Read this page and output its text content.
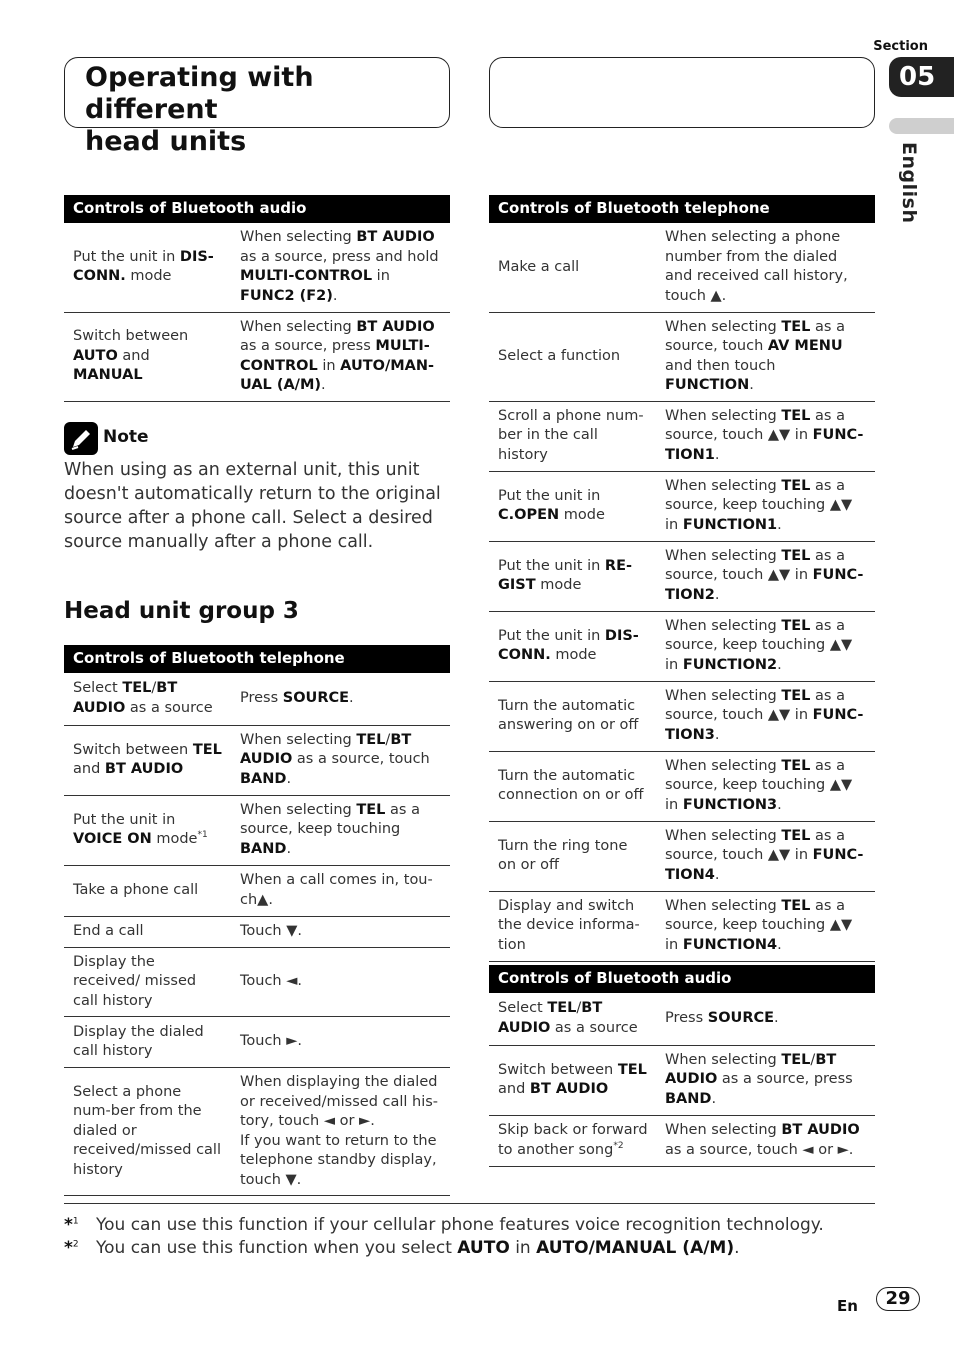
Operating with different
head units
Section
05
English
Controls of Bluetooth audio	
Put the unit in DIS-CONN. mode	When selecting BT AUDIO as a source, press and hold MULTI-CONTROL in FUNC2 (F2).
Switch between AUTO and MANUAL	When selecting BT AUDIO as a source, press MULTI-CONTROL in AUTO/MAN-UAL (A/M).
Note

When using as an external unit, this unit doesn't automatically return to the original source after a phone call. Select a desired source manually after a phone call.

Head unit group 3
Controls of Bluetooth telephone	
Select TEL/BT AUDIO as a source	Press SOURCE.
Switch between TEL and BT AUDIO	When selecting TEL/BT AUDIO as a source, touch BAND.
Put the unit in VOICE ON mode$^{*1}$	When selecting TEL as a source, keep touching BAND.
Take a phone call	When a call comes in, tou-ch▲.
End a call	Touch ▼.
Display the received/ missed call history	Touch ◄.
Display the dialed call history	Touch ►.
Select a phone num-ber from the dialed or received/missed call history	When displaying the dialed or received/missed call his-tory, touch ◄ or ►.
If you want to return to the telephone standby display, touch ▼.
Controls of Bluetooth telephone	
Make a call	When selecting a phone number from the dialed and received call history, touch ▲.
Select a function	When selecting TEL as a source, touch AV MENU and then touch FUNCTION.
Scroll a phone num-ber in the call history	When selecting TEL as a source, touch ▲▼ in FUNC-TION1.
Put the unit in C.OPEN mode	When selecting TEL as a source, keep touching ▲▼ in FUNCTION1.
Put the unit in RE-GIST mode	When selecting TEL as a source, touch ▲▼ in FUNC-TION2.
Put the unit in DIS-CONN. mode	When selecting TEL as a source, keep touching ▲▼ in FUNCTION2.
Turn the automatic answering on or off	When selecting TEL as a source, touch ▲▼ in FUNC-TION3.
Turn the automatic connection on or off	When selecting TEL as a source, keep touching ▲▼ in FUNCTION3.
Turn the ring tone on or off	When selecting TEL as a source, touch ▲▼ in FUNC-TION4.
Display and switch the device informa-tion	When selecting TEL as a source, keep touching ▲▼ in FUNCTION4.
Controls of Bluetooth audio	
Select TEL/BT AUDIO as a source	Press SOURCE.
Switch between TEL and BT AUDIO	When selecting TEL/BT AUDIO as a source, press BAND.
Skip back or forward to another song$^{*2}$	When selecting BT AUDIO as a source, touch ◄ or ►.
*$^1$ You can use this function if your cellular phone features voice recognition technology.
*$^2$ You can use this function when you select AUTO in AUTO/MANUAL (A/M).
En	29
